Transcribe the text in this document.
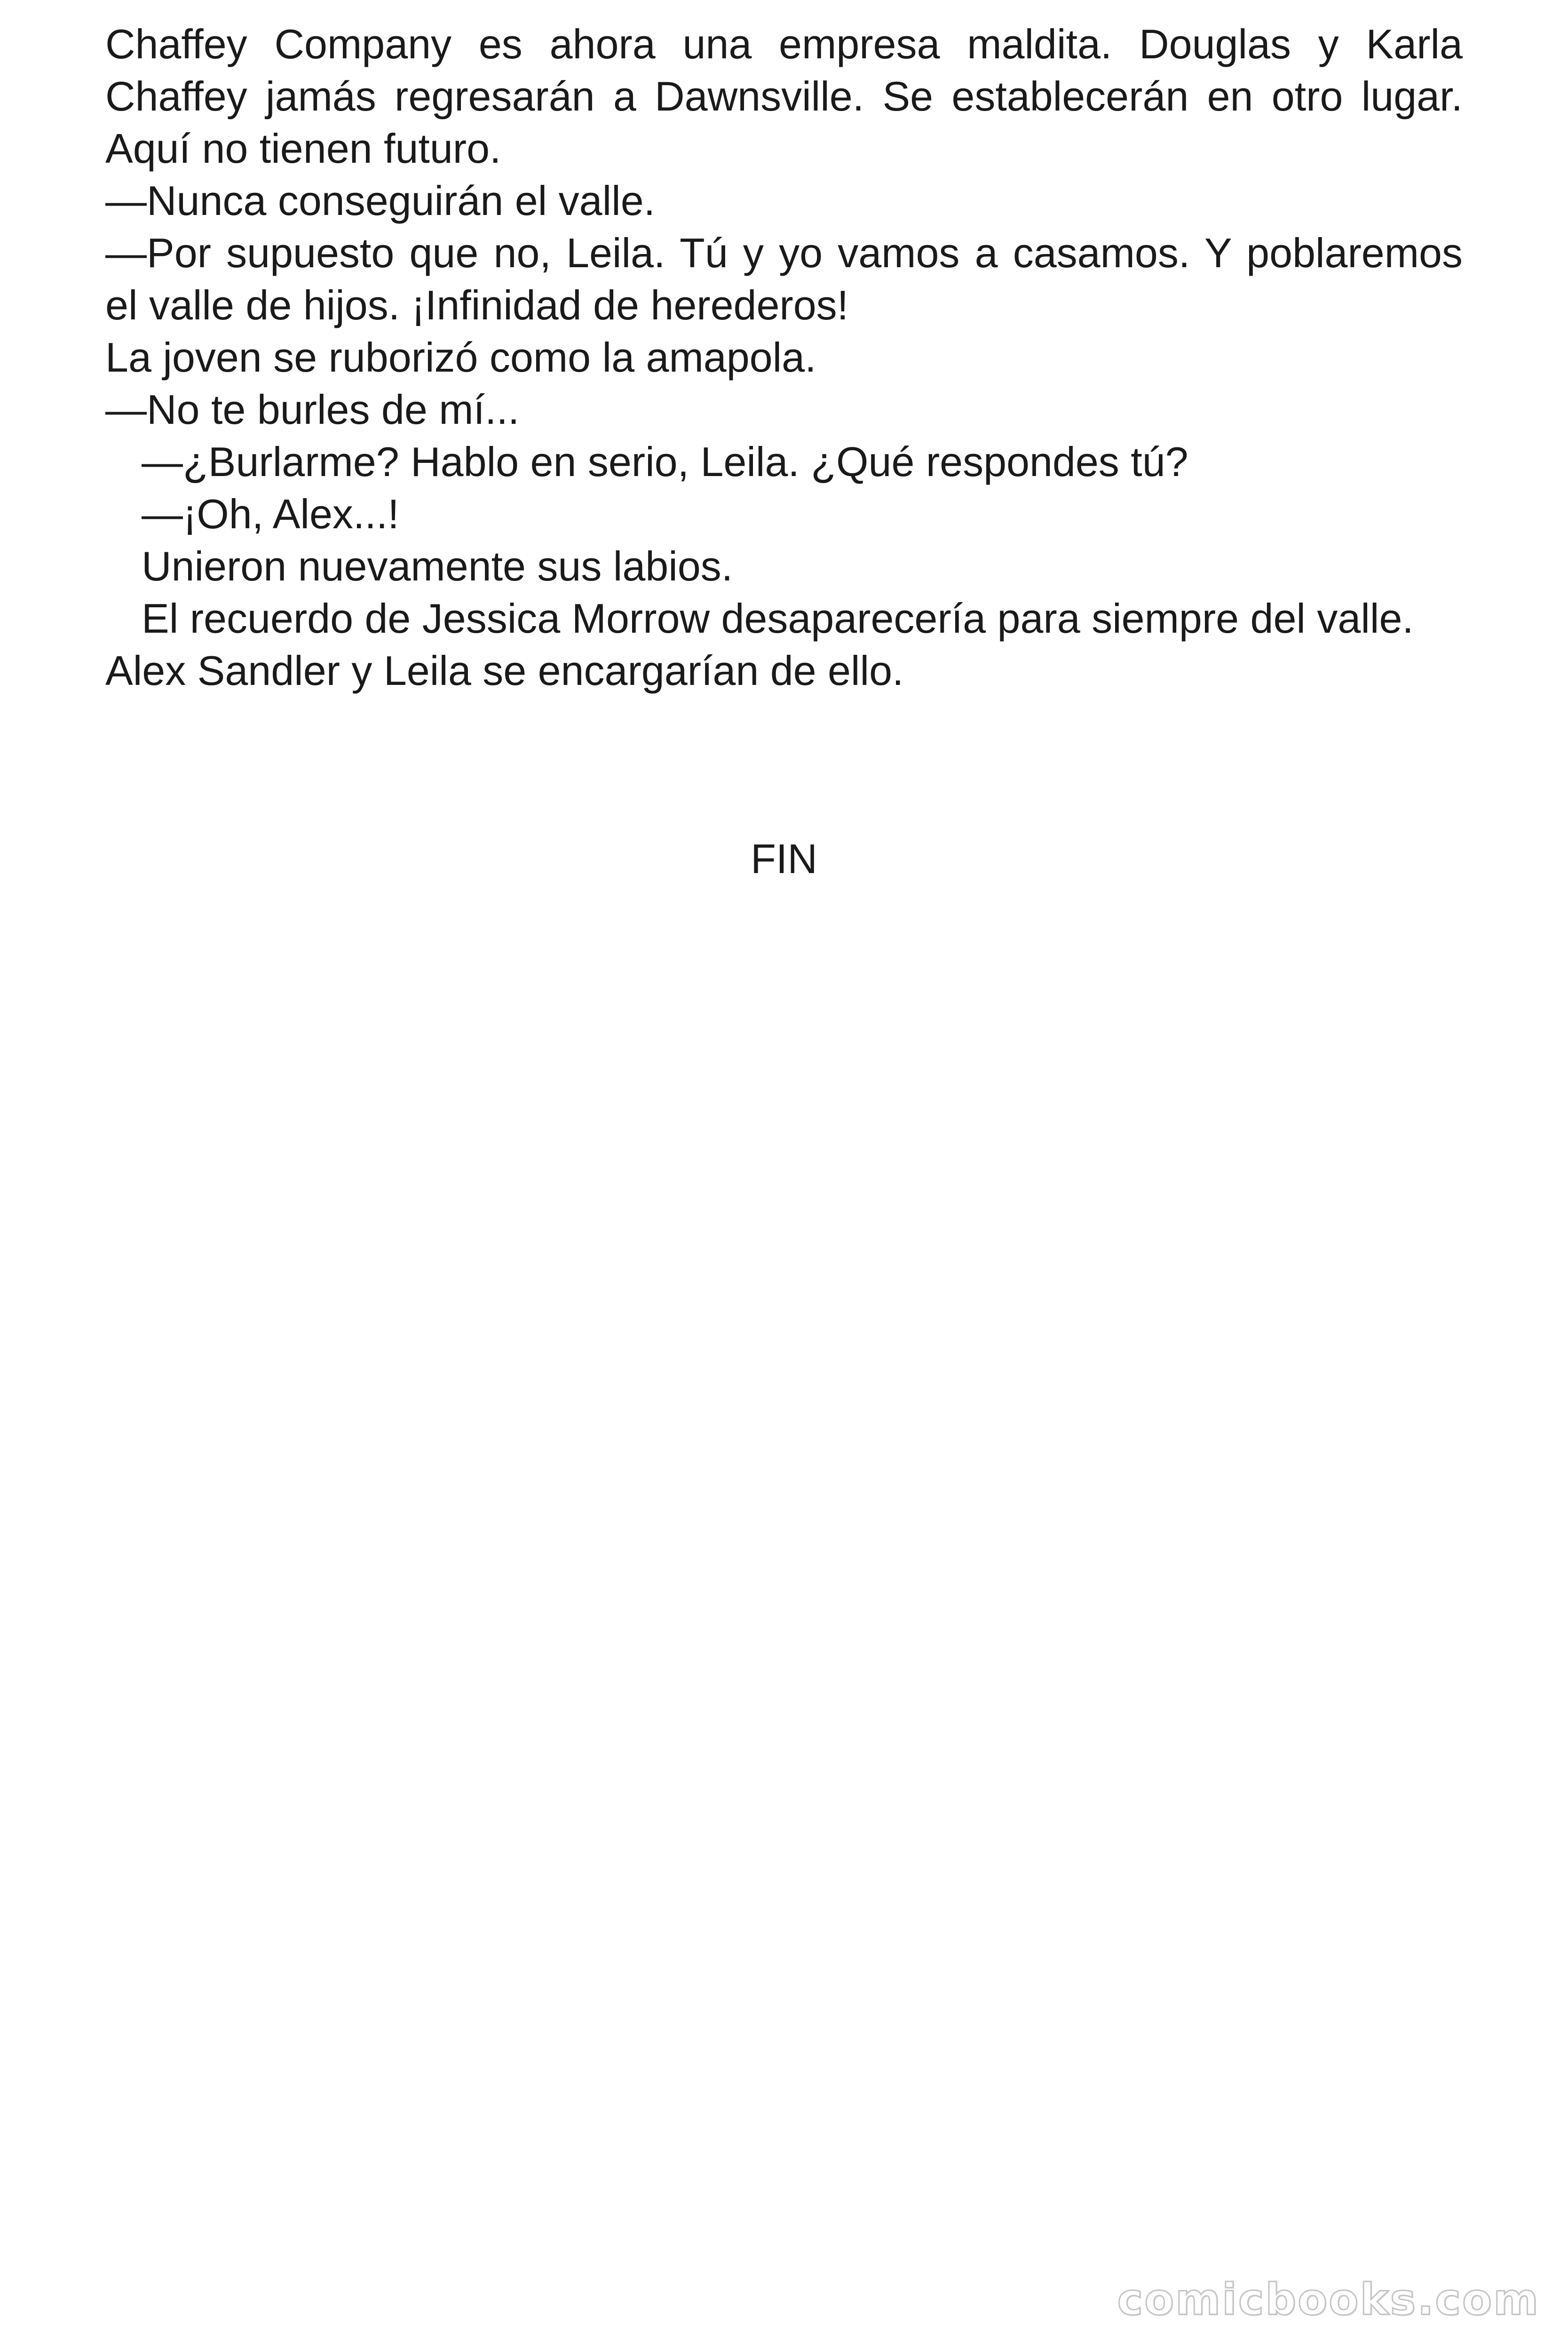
Chaffey Company es ahora una empresa maldita. Douglas y Karla Chaffey jamás regresarán a Dawnsville. Se establecerán en otro lugar. Aquí no tienen futuro.

—Nunca conseguirán el valle.

—Por supuesto que no, Leila. Tú y yo vamos a casamos. Y poblaremos el valle de hijos. ¡Infinidad de herederos!

La joven se ruborizó como la amapola.

—No te burles de mí...

—¿Burlarme? Hablo en serio, Leila. ¿Qué respondes tú?

—¡Oh, Alex...!

Unieron nuevamente sus labios.

El recuerdo de Jessica Morrow desaparecería para siempre del valle.

Alex Sandler y Leila se encargarían de ello.

FIN

comicbooks.com
